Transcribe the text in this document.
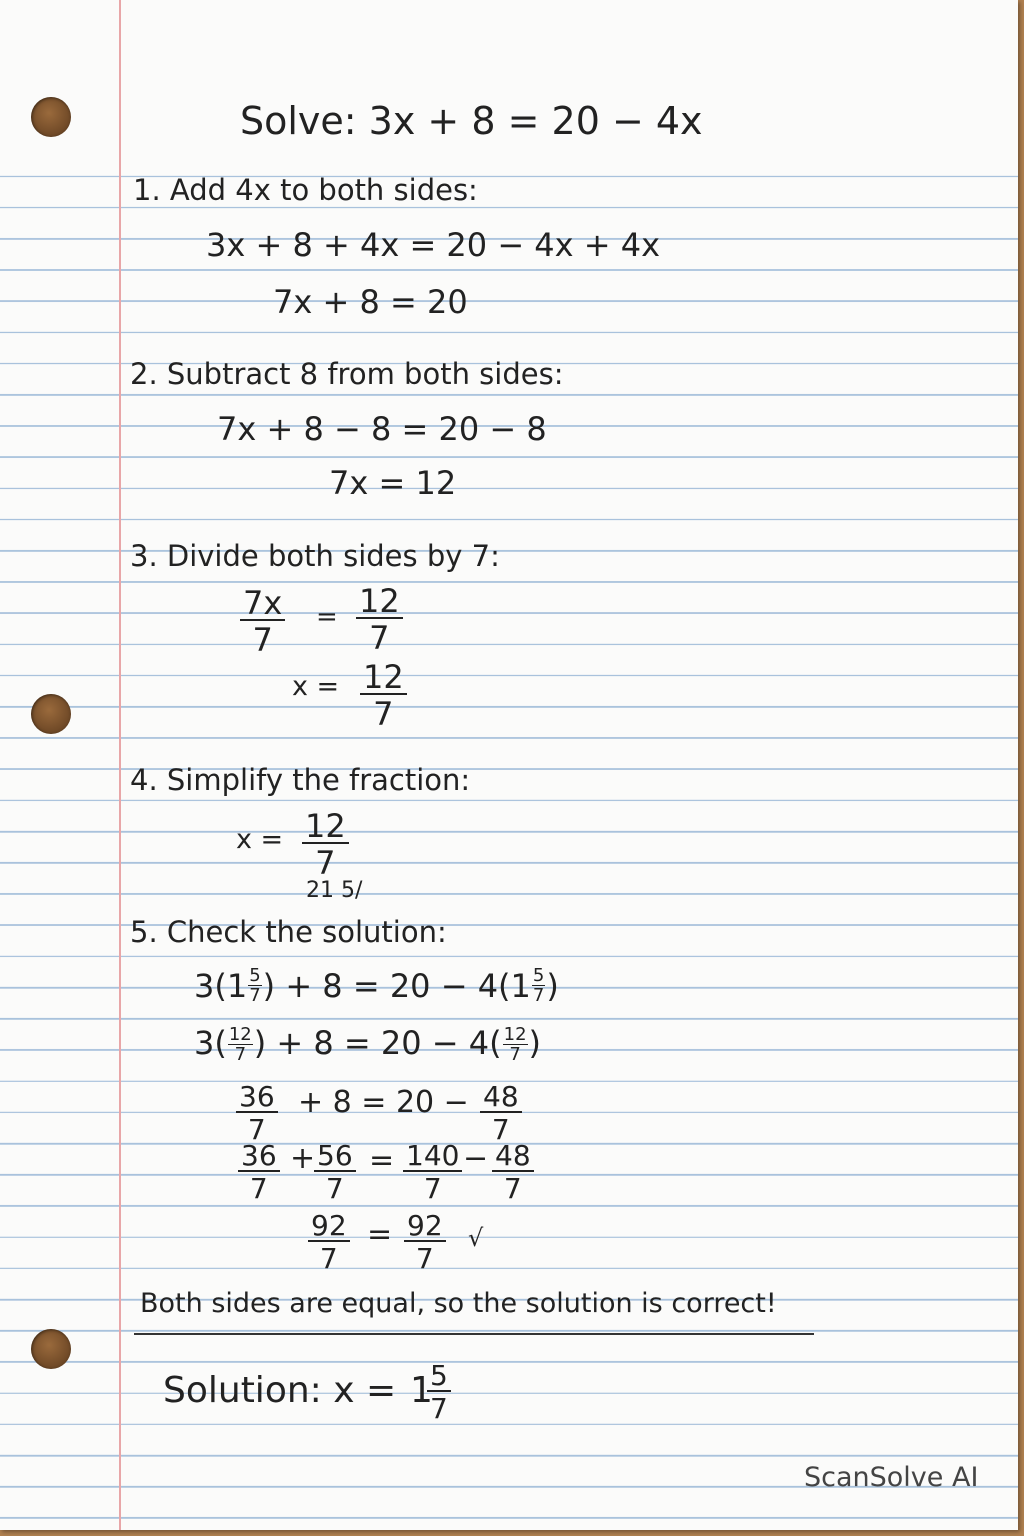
Solve: 3x + 8 = 20 − 4x
1. Add 4x to both sides:
3x + 8 + 4x = 20 − 4x + 4x
7x + 8 = 20
2. Subtract 8 from both sides:
7x + 8 − 8 = 20 − 8
7x = 12
3. Divide both sides by 7:
$\frac{7x}{7} = \frac{12}{7}$
$x = \frac{12}{7}$
4. Simplify the fraction:
$x = \frac{12}{7}$
21 5/
5. Check the solution:
3( $1 \frac{5}{7}$ ) + 8 = 20 − 4( $1 \frac{5}{7}$ )
$3( \frac{12}{7}$ ) + $8 = 20 - 4( \frac{12}{7}$ )
$\frac{36}{7} + 8 = 20 - \frac{48}{7}$
$\frac{36}{7}$ +
$\frac{56}{7} = \frac{140}{7} - \frac{48}{7}$
$\frac{92}{7} = \frac{92}{7}$ √
Both sides are equal, so the solution is correct!
Solution: x = 1
$\frac{5}{7}$
ScanSolve AI
